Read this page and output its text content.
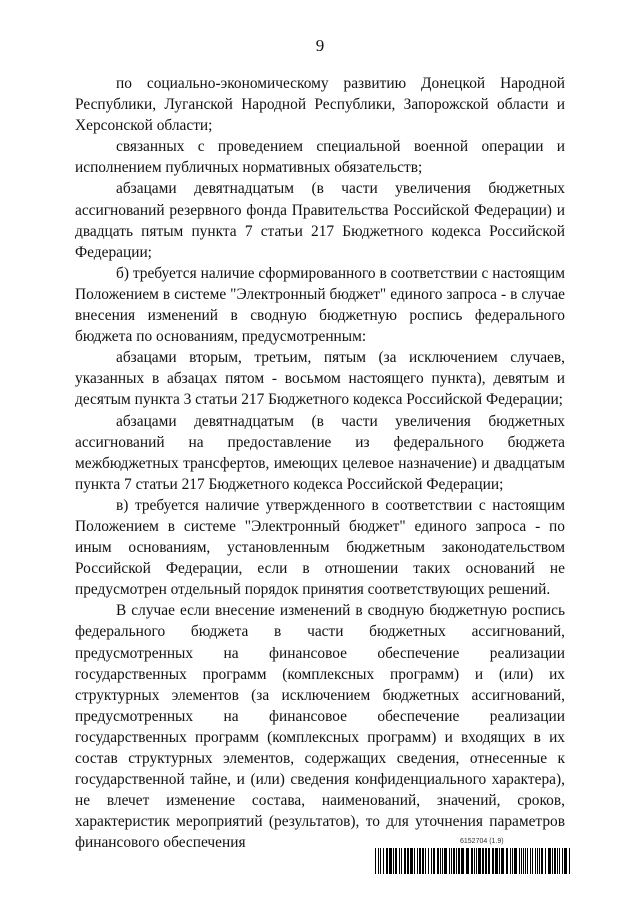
9

по социально-экономическому развитию Донецкой Народной Республики, Луганской Народной Республики, Запорожской области и Херсонской области;

связанных с проведением специальной военной операции и исполнением публичных нормативных обязательств;

абзацами девятнадцатым (в части увеличения бюджетных ассигнований резервного фонда Правительства Российской Федерации) и двадцать пятым пункта 7 статьи 217 Бюджетного кодекса Российской Федерации;

б) требуется наличие сформированного в соответствии с настоящим Положением в системе "Электронный бюджет" единого запроса - в случае внесения изменений в сводную бюджетную роспись федерального бюджета по основаниям, предусмотренным:

абзацами вторым, третьим, пятым (за исключением случаев, указанных в абзацах пятом - восьмом настоящего пункта), девятым и десятым пункта 3 статьи 217 Бюджетного кодекса Российской Федерации;

абзацами девятнадцатым (в части увеличения бюджетных ассигнований на предоставление из федерального бюджета межбюджетных трансфертов, имеющих целевое назначение) и двадцатым пункта 7 статьи 217 Бюджетного кодекса Российской Федерации;

в) требуется наличие утвержденного в соответствии с настоящим Положением в системе "Электронный бюджет" единого запроса - по иным основаниям, установленным бюджетным законодательством Российской Федерации, если в отношении таких оснований не предусмотрен отдельный порядок принятия соответствующих решений.

В случае если внесение изменений в сводную бюджетную роспись федерального бюджета в части бюджетных ассигнований, предусмотренных на финансовое обеспечение реализации государственных программ (комплексных программ) и (или) их структурных элементов (за исключением бюджетных ассигнований, предусмотренных на финансовое обеспечение реализации государственных программ (комплексных программ) и входящих в их состав структурных элементов, содержащих сведения, отнесенные к государственной тайне, и (или) сведения конфиденциального характера), не влечет изменение состава, наименований, значений, сроков, характеристик мероприятий (результатов), то для уточнения параметров финансового обеспечения	6152704 (1.9)
